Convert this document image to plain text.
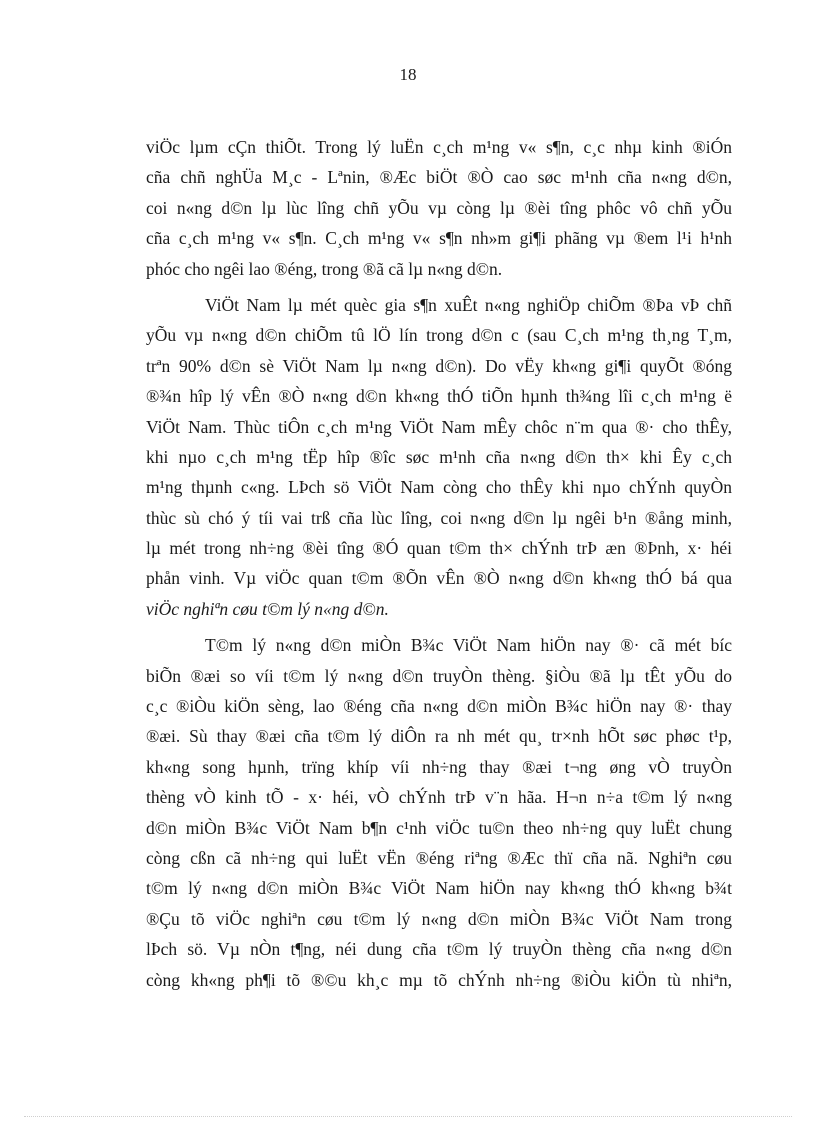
18
viÖc lµm cÇn thiÕt. Trong lý luËn c¸ch m¹ng v« s¶n, c¸c nhµ kinh ®iÓn
cña chñ nghÜa M¸c - Lªnin, ®Æc biÖt ®Ò cao søc m¹nh cña n«ng d©n,
coi n«ng d©n lµ lùc lîng chñ yÕu vµ còng lµ ®èi tîng phôc vô chñ yÕu
cña c¸ch m¹ng v« s¶n. C¸ch m¹ng v« s¶n nh»m gi¶i phãng vµ ®em l¹i h¹nh
phóc cho ngêi lao ®éng, trong ®ã cã lµ n«ng d©n.
ViÖt Nam lµ mét quèc gia s¶n xuÊt n«ng nghiÖp chiÕm ®Þa vÞ chñ
yÕu vµ n«ng d©n chiÕm tû lÖ lín trong d©n c (sau C¸ch m¹ng th¸ng T¸m,
trªn 90% d©n sè ViÖt Nam lµ n«ng d©n). Do vËy kh«ng gi¶i quyÕt ®óng
®¾n hîp lý vÊn ®Ò n«ng d©n kh«ng thÓ tiÕn hµnh th¾ng lîi c¸ch m¹ng ë
ViÖt Nam. Thùc tiÔn c¸ch m¹ng ViÖt Nam mÊy chôc n¨m qua ®· cho thÊy,
khi nµo c¸ch m¹ng tËp hîp ®îc søc m¹nh cña n«ng d©n th× khi Êy c¸ch
m¹ng thµnh c«ng. LÞch sö ViÖt Nam còng cho thÊy khi nµo chÝnh quyÒn
thùc sù chó ý tíi vai trß cña lùc lîng, coi n«ng d©n lµ ngêi b¹n ®ång minh,
lµ mét trong nh÷ng ®èi tîng ®Ó quan t©m th× chÝnh trÞ æn ®Þnh, x· héi
phån vinh. Vµ viÖc quan t©m ®Õn vÊn ®Ò n«ng d©n kh«ng thÓ bá qua
viÖc nghiªn cøu t©m lý n«ng d©n.
T©m lý n«ng d©n miÒn B¾c ViÖt Nam hiÖn nay ®· cã mét bíc
biÕn ®æi so víi t©m lý n«ng d©n truyÒn thèng. §iÒu ®ã lµ tÊt yÕu do
c¸c ®iÒu kiÖn sèng, lao ®éng cña n«ng d©n miÒn B¾c hiÖn nay ®· thay
®æi. Sù thay ®æi cña t©m lý diÔn ra nh mét qu¸ tr×nh hÕt søc phøc t¹p,
kh«ng song hµnh, trïng khíp víi nh÷ng thay ®æi t¬ng øng vÒ truyÒn
thèng vÒ kinh tÕ - x· héi, vÒ chÝnh trÞ v¨n hãa. H¬n n÷a t©m lý n«ng
d©n miÒn B¾c ViÖt Nam b¶n c¹nh viÖc tu©n theo nh÷ng quy luËt chung
còng cßn cã nh÷ng qui luËt vËn ®éng riªng ®Æc thï cña nã. Nghiªn cøu
t©m lý n«ng d©n miÒn B¾c ViÖt Nam hiÖn nay kh«ng thÓ kh«ng b¾t
®Çu tõ viÖc nghiªn cøu t©m lý n«ng d©n miÒn B¾c ViÖt Nam trong
lÞch sö. Vµ nÒn t¶ng, néi dung cña t©m lý truyÒn thèng cña n«ng d©n
còng kh«ng ph¶i tõ ®©u kh¸c mµ tõ chÝnh nh÷ng ®iÒu kiÖn tù nhiªn,
